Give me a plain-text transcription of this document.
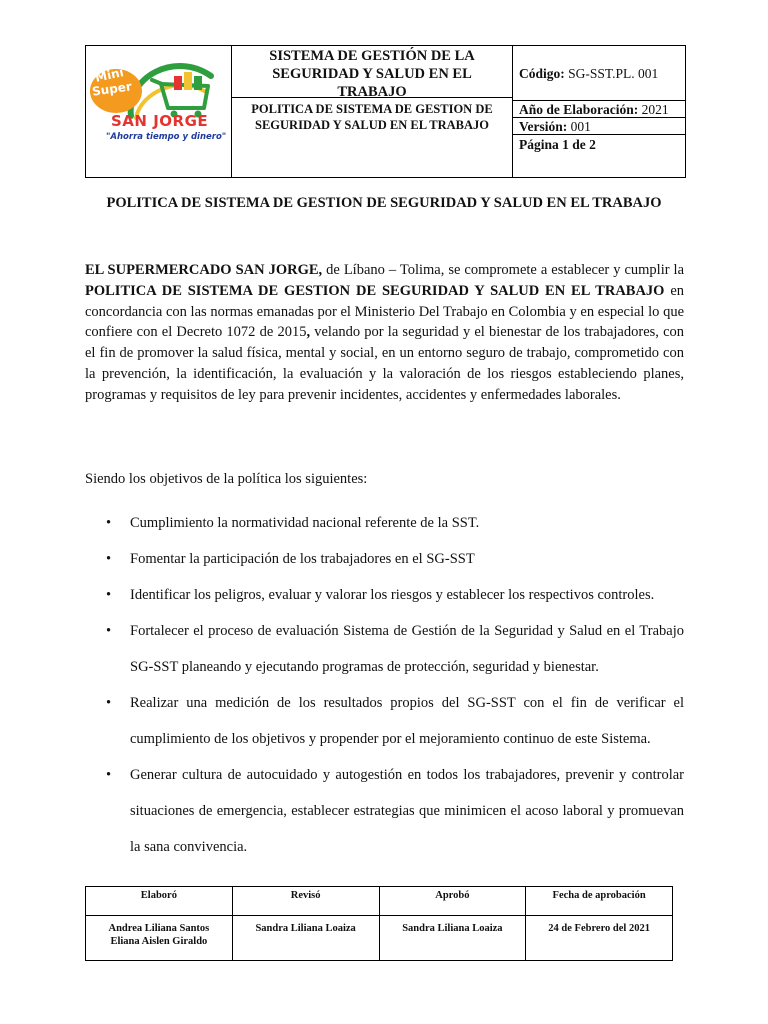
Mini
Super
SAN JORGE
"Ahorra tiempo y dinero"

SISTEMA DE GESTIÓN DE LA SEGURIDAD Y SALUD EN EL TRABAJO
POLITICA DE SISTEMA DE GESTION DE SEGURIDAD Y SALUD EN EL TRABAJO

Código: SG-SST.PL. 001
Año de Elaboración: 2021
Versión: 001
Página 1 de 2

POLITICA DE SISTEMA DE GESTION DE SEGURIDAD Y SALUD EN EL TRABAJO

EL SUPERMERCADO SAN JORGE, de Líbano – Tolima, se compromete a establecer y cumplir la POLITICA DE SISTEMA DE GESTION DE SEGURIDAD Y SALUD EN EL TRABAJO en concordancia con las normas emanadas por el Ministerio Del Trabajo en Colombia y en especial lo que confiere con el Decreto 1072 de 2015, velando por la seguridad y el bienestar de los trabajadores, con el fin de promover la salud física, mental y social, en un entorno seguro de trabajo, comprometido con la prevención, la identificación, la evaluación y la valoración de los riesgos estableciendo planes, programas y requisitos de ley para prevenir incidentes, accidentes y enfermedades laborales.

Siendo los objetivos de la política los siguientes:

• Cumplimiento la normatividad nacional referente de la SST.
• Fomentar la participación de los trabajadores en el SG-SST
• Identificar los peligros, evaluar y valorar los riesgos y establecer los respectivos controles.
• Fortalecer el proceso de evaluación Sistema de Gestión de la Seguridad y Salud en el Trabajo SG-SST planeando y ejecutando programas de protección, seguridad y bienestar.
• Realizar una medición de los resultados propios del SG-SST con el fin de verificar el cumplimiento de los objetivos y propender por el mejoramiento continuo de este Sistema.
• Generar cultura de autocuidado y autogestión en todos los trabajadores, prevenir y controlar situaciones de emergencia, establecer estrategias que minimicen el acoso laboral y promuevan la sana convivencia.
Elaboró	Revisó	Aprobó	Fecha de aprobación

Andrea Liliana Santos
Eliana Aislen Giraldo	Sandra Liliana Loaiza	Sandra Liliana Loaiza	24 de Febrero del 2021
